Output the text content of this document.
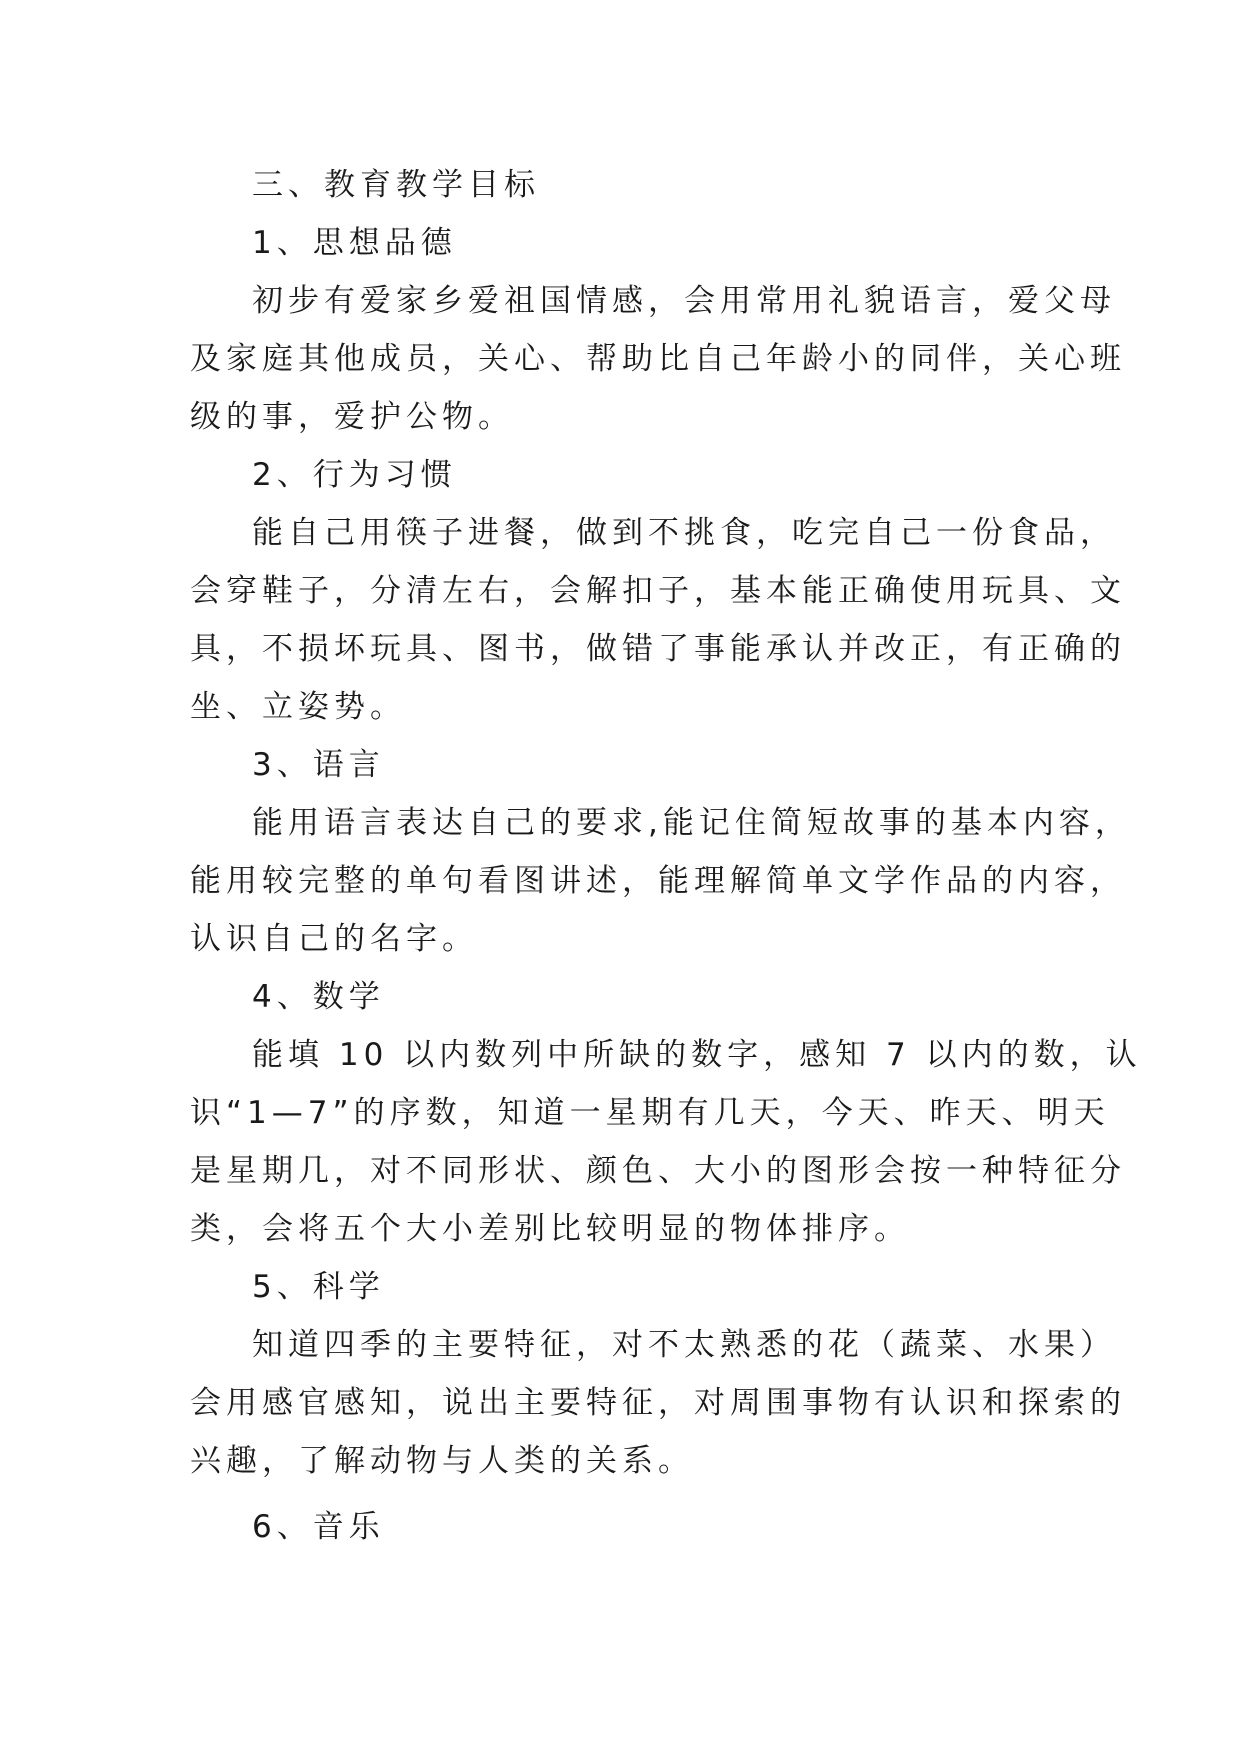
三、教育教学目标
1、思想品德
初步有爱家乡爱祖国情感，会用常用礼貌语言，爱父母
及家庭其他成员，关心、帮助比自己年龄小的同伴，关心班
级的事，爱护公物。
2、行为习惯
能自己用筷子进餐，做到不挑食，吃完自己一份食品，
会穿鞋子，分清左右，会解扣子，基本能正确使用玩具、文
具，不损坏玩具、图书，做错了事能承认并改正，有正确的
坐、立姿势。
3、语言
能用语言表达自己的要求,能记住简短故事的基本内容，
能用较完整的单句看图讲述，能理解简单文学作品的内容，
认识自己的名字。
4、数学
能填 10 以内数列中所缺的数字，感知 7 以内的数，认
识“1—7”的序数，知道一星期有几天，今天、昨天、明天
是星期几，对不同形状、颜色、大小的图形会按一种特征分
类，会将五个大小差别比较明显的物体排序。
5、科学
知道四季的主要特征，对不太熟悉的花（蔬菜、水果）
会用感官感知，说出主要特征，对周围事物有认识和探索的
兴趣，了解动物与人类的关系。
6、音乐
